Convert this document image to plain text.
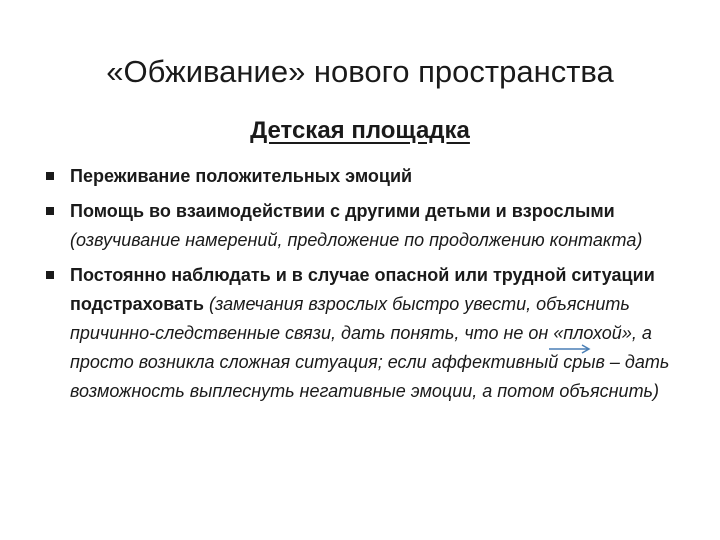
«Обживание» нового пространства
Детская площадка
Переживание положительных эмоций
Помощь во взаимодействии с другими детьми и взрослыми (озвучивание намерений, предложение по продолжению контакта)
Постоянно наблюдать и в случае опасной или трудной ситуации подстраховать (замечания взрослых быстро увести, объяснить причинно-следственные связи, дать понять, что не он «плохой», а просто возникла сложная ситуация; если аффективный срыв – дать возможность выплеснуть негативные эмоции, а потом объяснить)
